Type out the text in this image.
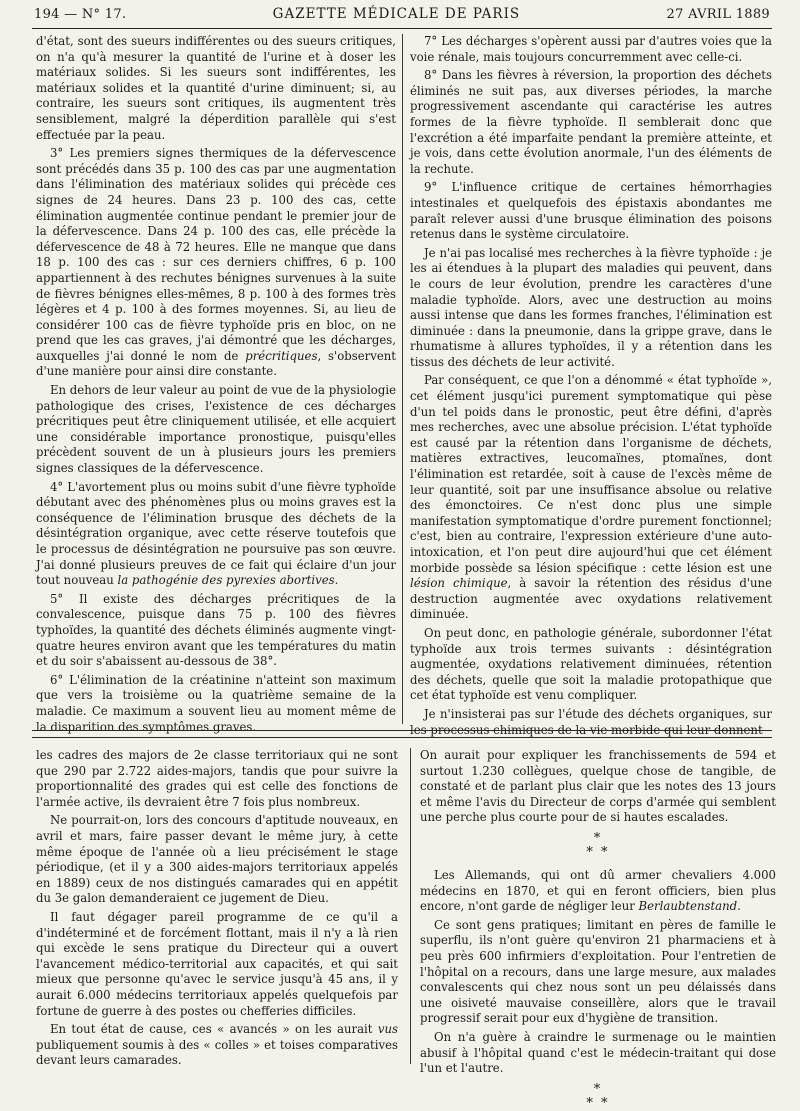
194 — N° 17.	GAZETTE MÉDICALE DE PARIS	27 AVRIL 1889

d'état, sont des sueurs indifférentes ou des sueurs critiques, on n'a qu'à mesurer la quantité de l'urine et à doser les matériaux solides. Si les sueurs sont indifférentes, les matériaux solides et la quantité d'urine diminuent; si, au contraire, les sueurs sont critiques, ils augmentent très sensiblement, malgré la déperdition parallèle qui s'est effectuée par la peau.

3° Les premiers signes thermiques de la défervescence sont précédés dans 35 p. 100 des cas par une augmentation dans l'élimination des matériaux solides qui précède ces signes de 24 heures. Dans 23 p. 100 des cas, cette élimination augmentée continue pendant le premier jour de la défervescence. Dans 24 p. 100 des cas, elle précède la défervescence de 48 à 72 heures. Elle ne manque que dans 18 p. 100 des cas : sur ces derniers chiffres, 6 p. 100 appartiennent à des rechutes bénignes survenues à la suite de fièvres bénignes elles-mêmes, 8 p. 100 à des formes très légères et 4 p. 100 à des formes moyennes. Si, au lieu de considérer 100 cas de fièvre typhoïde pris en bloc, on ne prend que les cas graves, j'ai démontré que les décharges, auxquelles j'ai donné le nom de précritiques, s'observent d'une manière pour ainsi dire constante.

En dehors de leur valeur au point de vue de la physiologie pathologique des crises, l'existence de ces décharges précritiques peut être cliniquement utilisée, et elle acquiert une considérable importance pronostique, puisqu'elles précèdent souvent de un à plusieurs jours les premiers signes classiques de la défervescence.

4° L'avortement plus ou moins subit d'une fièvre typhoïde débutant avec des phénomènes plus ou moins graves est la conséquence de l'élimination brusque des déchets de la désintégration organique, avec cette réserve toutefois que le processus de désintégration ne poursuive pas son œuvre. J'ai donné plusieurs preuves de ce fait qui éclaire d'un jour tout nouveau la pathogénie des pyrexies abortives.

5° Il existe des décharges précritiques de la convalescence, puisque dans 75 p. 100 des fièvres typhoïdes, la quantité des déchets éliminés augmente vingt-quatre heures environ avant que les températures du matin et du soir s'abaissent au-dessous de 38°.

6° L'élimination de la créatinine n'atteint son maximum que vers la troisième ou la quatrième semaine de la maladie. Ce maximum a souvent lieu au moment même de la disparition des symptômes graves.

7° Les décharges s'opèrent aussi par d'autres voies que la voie rénale, mais toujours concurremment avec celle-ci.

8° Dans les fièvres à réversion, la proportion des déchets éliminés ne suit pas, aux diverses périodes, la marche progressivement ascendante qui caractérise les autres formes de la fièvre typhoïde. Il semblerait donc que l'excrétion a été imparfaite pendant la première atteinte, et je vois, dans cette évolution anormale, l'un des éléments de la rechute.

9° L'influence critique de certaines hémorrhagies intestinales et quelquefois des épistaxis abondantes me paraît relever aussi d'une brusque élimination des poisons retenus dans le système circulatoire.

Je n'ai pas localisé mes recherches à la fièvre typhoïde : je les ai étendues à la plupart des maladies qui peuvent, dans le cours de leur évolution, prendre les caractères d'une maladie typhoïde. Alors, avec une destruction au moins aussi intense que dans les formes franches, l'élimination est diminuée : dans la pneumonie, dans la grippe grave, dans le rhumatisme à allures typhoïdes, il y a rétention dans les tissus des déchets de leur activité.

Par conséquent, ce que l'on a dénommé « état typhoïde », cet élément jusqu'ici purement symptomatique qui pèse d'un tel poids dans le pronostic, peut être défini, d'après mes recherches, avec une absolue précision. L'état typhoïde est causé par la rétention dans l'organisme de déchets, matières extractives, leucomaïnes, ptomaïnes, dont l'élimination est retardée, soit à cause de l'excès même de leur quantité, soit par une insuffisance absolue ou relative des émonctoires. Ce n'est donc plus une simple manifestation symptomatique d'ordre purement fonctionnel; c'est, bien au contraire, l'expression extérieure d'une auto-intoxication, et l'on peut dire aujourd'hui que cet élément morbide possède sa lésion spécifique : cette lésion est une lésion chimique, à savoir la rétention des résidus d'une destruction augmentée avec oxydations relativement diminuée.

On peut donc, en pathologie générale, subordonner l'état typhoïde aux trois termes suivants : désintégration augmentée, oxydations relativement diminuées, rétention des déchets, quelle que soit la maladie protopathique que cet état typhoïde est venu compliquer.

Je n'insisterai pas sur l'étude des déchets organiques, sur les processus chimiques de la vie morbide qui leur donnent

les cadres des majors de 2e classe territoriaux qui ne sont que 290 par 2.722 aides-majors, tandis que pour suivre la proportionnalité des grades qui est celle des fonctions de l'armée active, ils devraient être 7 fois plus nombreux.

Ne pourrait-on, lors des concours d'aptitude nouveaux, en avril et mars, faire passer devant le même jury, à cette même époque de l'année où a lieu précisément le stage périodique, (et il y a 300 aides-majors territoriaux appelés en 1889) ceux de nos distingués camarades qui en appétit du 3e galon demanderaient ce jugement de Dieu.

Il faut dégager pareil programme de ce qu'il a d'indéterminé et de forcément flottant, mais il n'y a là rien qui excède le sens pratique du Directeur qui a ouvert l'avancement médico-territorial aux capacités, et qui sait mieux que personne qu'avec le service jusqu'à 45 ans, il y aurait 6.000 médecins territoriaux appelés quelquefois par fortune de guerre à des postes ou chefferies difficiles.

En tout état de cause, ces « avancés » on les aurait vus publiquement soumis à des « colles » et toises comparatives devant leurs camarades.

On aurait pour expliquer les franchissements de 594 et surtout 1.230 collègues, quelque chose de tangible, de constaté et de parlant plus clair que les notes des 13 jours et même l'avis du Directeur de corps d'armée qui semblent une perche plus courte pour de si hautes escalades.

*
* *

Les Allemands, qui ont dû armer chevaliers 4.000 médecins en 1870, et qui en feront officiers, bien plus encore, n'ont garde de négliger leur Berlaubtenstand.

Ce sont gens pratiques; limitant en pères de famille le superflu, ils n'ont guère qu'environ 21 pharmaciens et à peu près 600 infirmiers d'exploitation. Pour l'entretien de l'hôpital on a recours, dans une large mesure, aux malades convalescents qui chez nous sont un peu délaissés dans une oisiveté mauvaise conseillère, alors que le travail progressif serait pour eux d'hygiène de transition.

On n'a guère à craindre le surmenage ou le maintien abusif à l'hôpital quand c'est le médecin-traitant qui dose l'un et l'autre.

*
* *
